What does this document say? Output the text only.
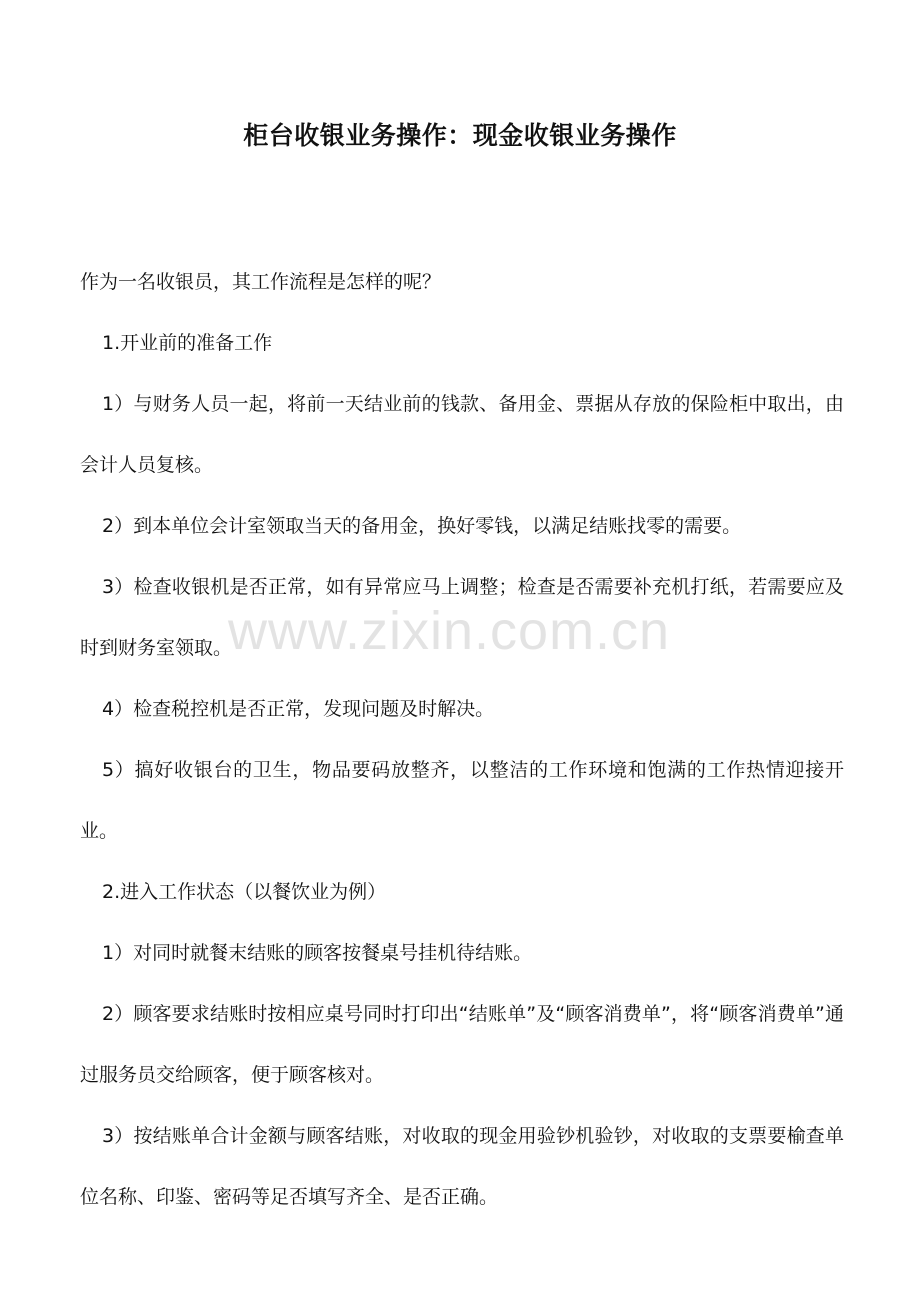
www.zixin.com.cn
柜台收银业务操作：现金收银业务操作

作为一名收银员，其工作流程是怎样的呢？

1.开业前的准备工作

1）与财务人员一起，将前一天结业前的钱款、备用金、票据从存放的保险柜中取出，由会计人员复核。

2）到本单位会计室领取当天的备用金，换好零钱，以满足结账找零的需要。

3）检查收银机是否正常，如有异常应马上调整；检查是否需要补充机打纸，若需要应及时到财务室领取。

4）检查税控机是否正常，发现问题及时解决。

5）搞好收银台的卫生，物品要码放整齐，以整洁的工作环境和饱满的工作热情迎接开业。

2.进入工作状态（以餐饮业为例）

1）对同时就餐末结账的顾客按餐桌号挂机待结账。

2）顾客要求结账时按相应桌号同时打印出“结账单”及“顾客消费单”，将“顾客消费单”通过服务员交给顾客，便于顾客核对。

3）按结账单合计金额与顾客结账，对收取的现金用验钞机验钞，对收取的支票要榆查单位名称、印鉴、密码等足否填写齐全、是否正确。
